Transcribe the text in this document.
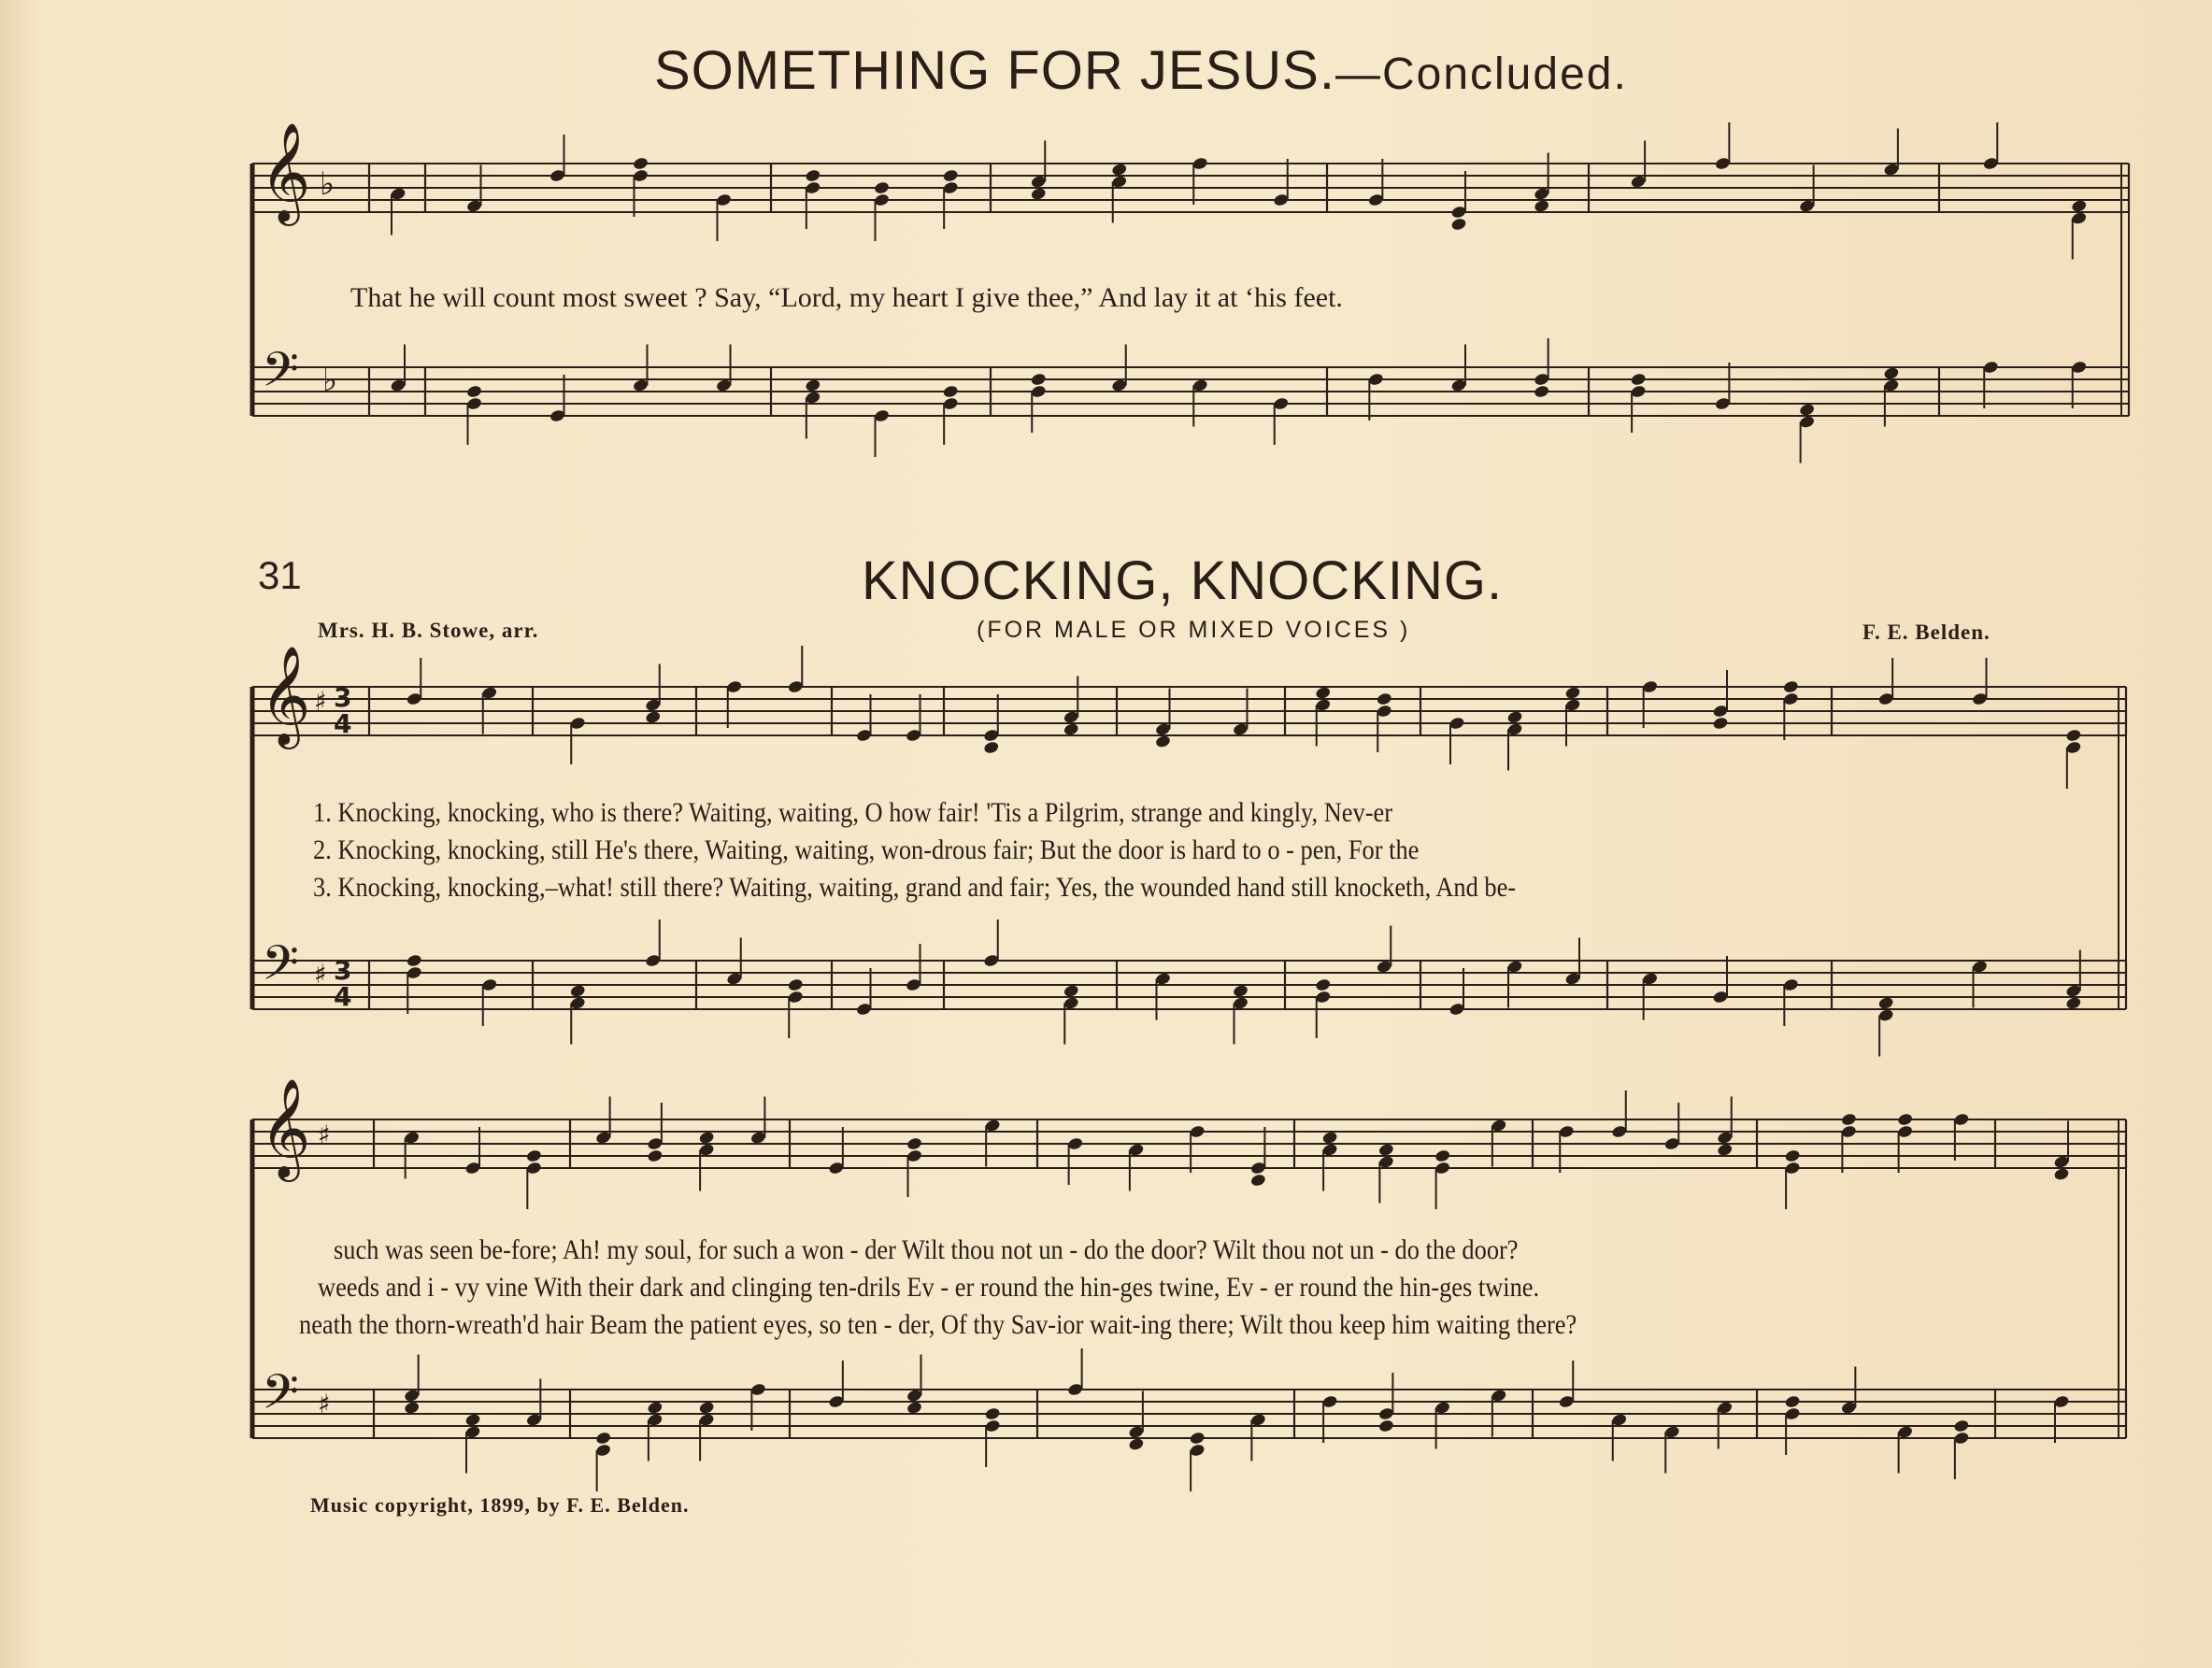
𝄞
𝄢
𝄞
𝄢
𝄞
𝄢
♭
♭
♯ 3
4
♯ 3
4
♯
♯
SOMETHING FOR JESUS.—Concluded.
That he will count most sweet ? Say, “Lord, my heart I give thee,” And lay it at ‘his feet.
31	KNOCKING, KNOCKING.
(FOR MALE OR MIXED VOICES )
Mrs. H. B. Stowe, arr.	F. E. Belden.
1. Knocking, knocking, who is there? Waiting, waiting, O how fair! 'Tis a Pilgrim, strange and kingly, Nev-er
2. Knocking, knocking, still He's there, Waiting, waiting, won-drous fair; But the door is hard to o - pen, For the
3. Knocking, knocking,–what! still there? Waiting, waiting, grand and fair; Yes, the wounded hand still knocketh, And be-
such was seen be-fore; Ah! my soul, for such a won - der Wilt thou not un - do the door? Wilt thou not un - do the door?
weeds and i - vy vine With their dark and clinging ten-drils Ev - er round the hin-ges twine, Ev - er round the hin-ges twine.
neath the thorn-wreath'd hair Beam the patient eyes, so ten - der, Of thy Sav-ior wait-ing there; Wilt thou keep him waiting there?
Music copyright, 1899, by F. E. Belden.
